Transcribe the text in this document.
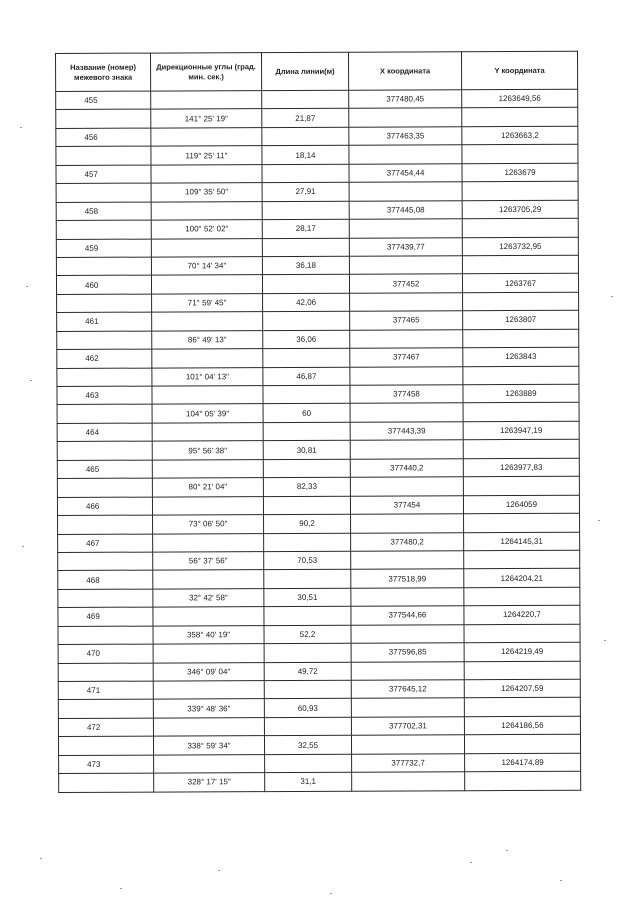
Название (номер) межевого знака	Дирекционные углы (град. мин. сек.)	Длина линии(м)	X координата	Y координата
455			377480,45	1263649,56
	141° 25' 19"	21,87		
456			377463,35	1263663,2
	119° 25' 11"	18,14		
457			377454,44	1263679
	109° 35' 50"	27,91		
458			377445,08	1263705,29
	100° 52' 02"	28,17		
459			377439,77	1263732,95
	70° 14' 34"	36,18		
460			377452	1263767
	71° 59' 45"	42,06		
461			377465	1263807
	86° 49' 13"	36,06		
462			377467	1263843
	101° 04' 13"	46,87		
463			377458	1263889
	104° 05' 39"	60		
464			377443,39	1263947,19
	95° 56' 38"	30,81		
465			377440,2	1263977,83
	80° 21' 04"	82,33		
466			377454	1264059
	73° 06' 50"	90,2		
467			377480,2	1264145,31
	56° 37' 56"	70,53		
468			377518,99	1264204,21
	32° 42' 58"	30,51		
469			377544,66	1264220,7
	358° 40' 19"	52,2		
470			377596,85	1264219,49
	346° 09' 04"	49,72		
471			377645,12	1264207,59
	339° 48' 36"	60,93		
472			377702,31	1264186,56
	338° 59' 34"	32,55		
473			377732,7	1264174,89
	328° 17' 15"	31,1		
